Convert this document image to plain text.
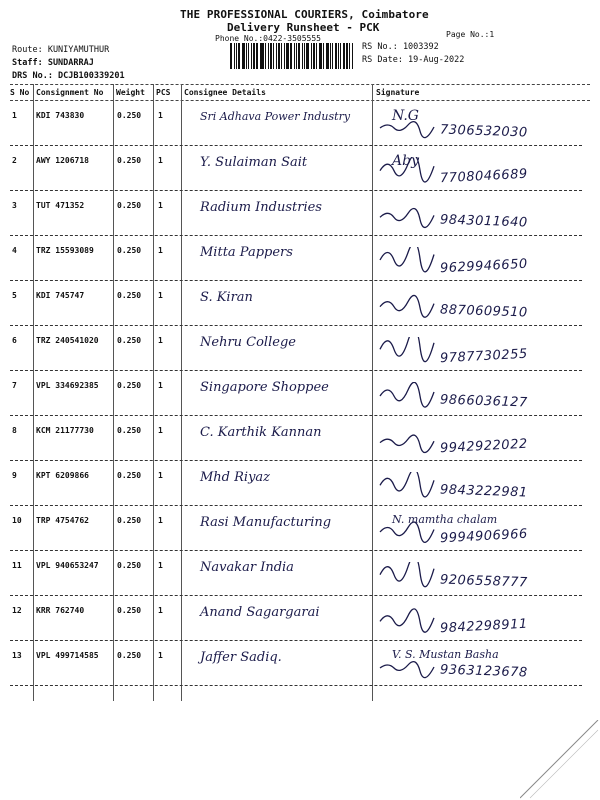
THE PROFESSIONAL COURIERS, Coimbatore
Delivery Runsheet - PCK
Phone No.:0422-3505555	Page No.:1
Route: KUNIYAMUTHUR
Staff: SUNDARRAJ
DRS No.: DCJB100339201
RS No.: 1003392
RS Date: 19-Aug-2022
S No Consignment No Weight PCS Consignee Details	Signature
1 KDI 743830	0.250 1	Sri Adhava Power Industry	N.G
7306532030
2 AWY 1206718	0.250 1	Y. Sulaiman Sait	Aby
7708046689
3 TUT 471352	0.250 1	Radium Industries
9843011640
4 TRZ 15593089	0.250 1	Mitta Pappers
9629946650
5 KDI 745747	0.250 1	S. Kiran
8870609510
6 TRZ 240541020 0.250 1	Nehru College
9787730255
7 VPL 334692385 0.250 1	Singapore Shoppee
9866036127
8 KCM 21177730	0.250 1	C. Karthik Kannan
9942922022
9 KPT 6209866	0.250 1	Mhd Riyaz
9843222981
10 TRP 4754762	0.250 1	Rasi Manufacturing	N. mamtha chalam
9994906966
11 VPL 940653247 0.250 1	Navakar India
9206558777
12 KRR 762740	0.250 1	Anand Sagargarai
9842298911
13 VPL 499714585 0.250 1	Jaffer Sadiq.	V. S. Mustan Basha
9363123678
